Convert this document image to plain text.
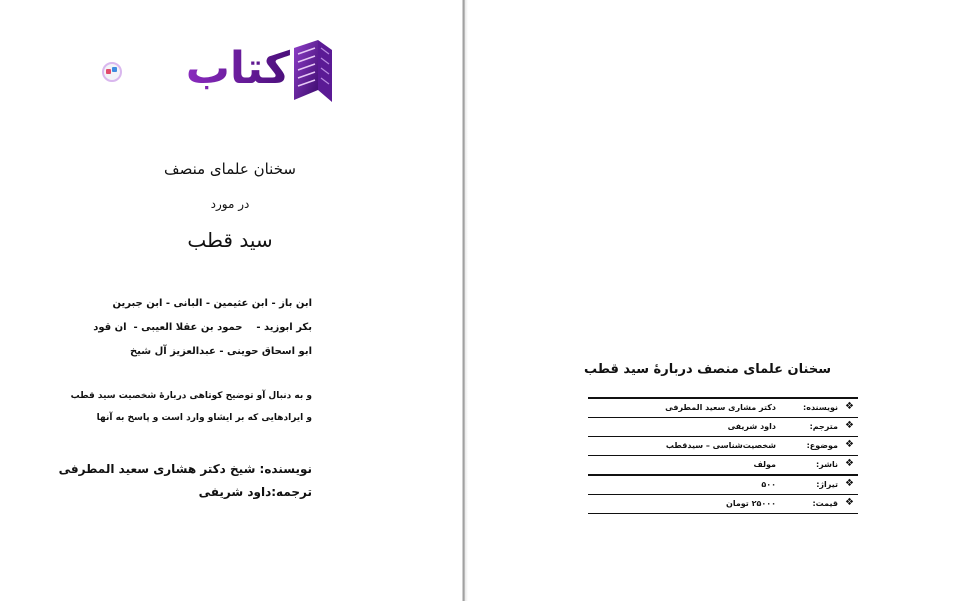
کتاب سل
سخنان علمای منصف
در مورد
سید قطب
ابن باز - ابن عثیمین - البانی - ابن جبرین
بکر ابوزید -    حمود بن عقلا العیبی -  ان قود
ابو اسحاق حوینی - عبدالعزیز آل شیخ
و به دنبال آو توضیح کوتاهی دربارهٔ شخصیت سید قطب
و ایرادهایی که بر ایشاو وارد است و پاسخ به آنها
نویسنده: شیخ دکتر هشاری سعید المطرفی
ترجمه:داود شریفی
سخنان علمای منصف دربارهٔ سید قطب
❖
نویسنده:
دکتر مشاری سعید المطرفی
❖
مترجم:
داود شریفی
❖
موضوع:
شخصیت‌شناسی – سیدقطب
❖
ناشر:
مولف
❖
تیراژ:
۵۰۰
❖
قیمت:
۲۵۰۰۰ تومان
